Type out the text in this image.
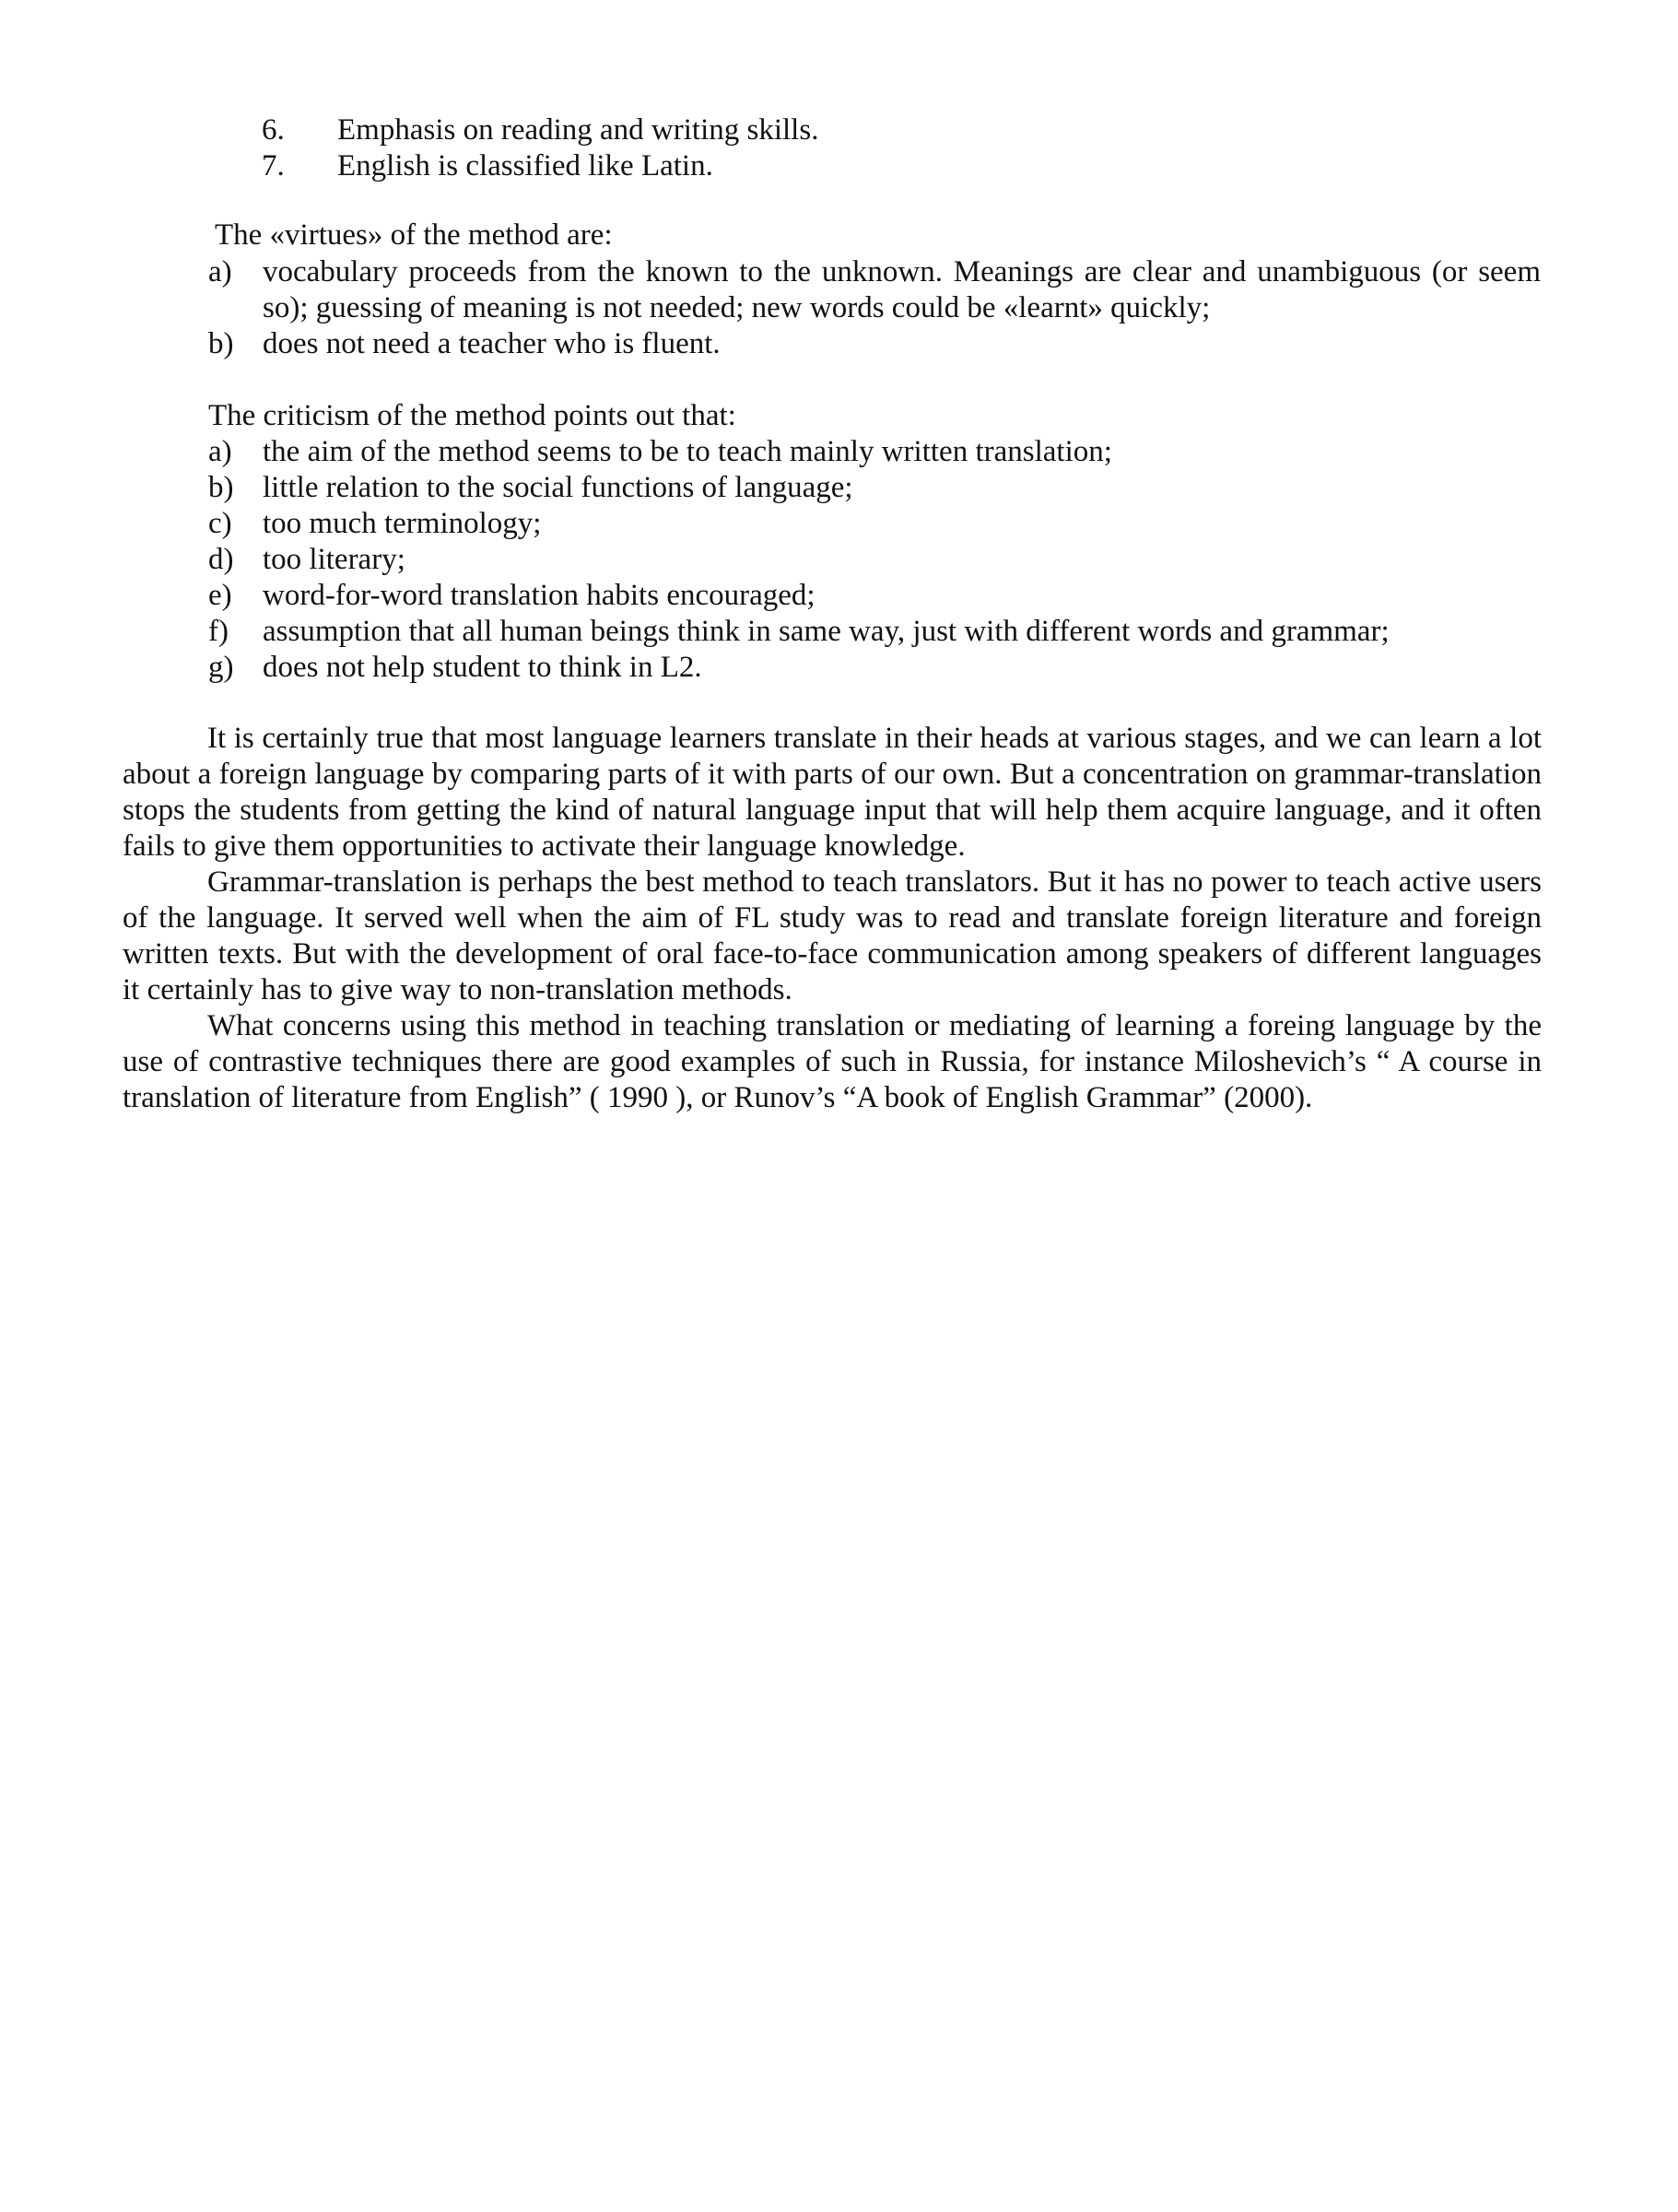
6. Emphasis on reading and writing skills.
7. English is classified like Latin.
The «virtues» of the method are:
a)	vocabulary proceeds from the known to the unknown. Meanings are clear and unambiguous (or seem so); guessing of meaning is not needed; new words could be «learnt» quickly;
b) does not need a teacher who is fluent.
The criticism of the method points out that:
a)	the aim of the method seems to be to teach mainly written translation;
b) little relation to the social functions of language;
c)	too much terminology;
d) too literary;
e)	word-for-word translation habits encouraged;
f)	assumption that all human beings think in same way, just with different words and grammar;
g) does not help student to think in L2.

It is certainly true that most language learners translate in their heads at various stages, and we can learn a lot about a foreign language by comparing parts of it with parts of our own. But a concentration on grammar-translation stops the students from getting the kind of natural language input that will help them acquire language, and it often fails to give them opportunities to activate their language knowledge.

Grammar-translation is perhaps the best method to teach translators. But it has no power to teach active users of the language. It served well when the aim of FL study was to read and translate foreign literature and foreign written texts. But with the development of oral face-to-face communication among speakers of different languages it certainly has to give way to non-translation methods.

What concerns using this method in teaching translation or mediating of learning a foreing language by the use of contrastive techniques there are good examples of such in Russia, for instance Miloshevich’s “ A course in translation of literature from English” ( 1990 ), or Runov’s “A book of English Grammar” (2000).
